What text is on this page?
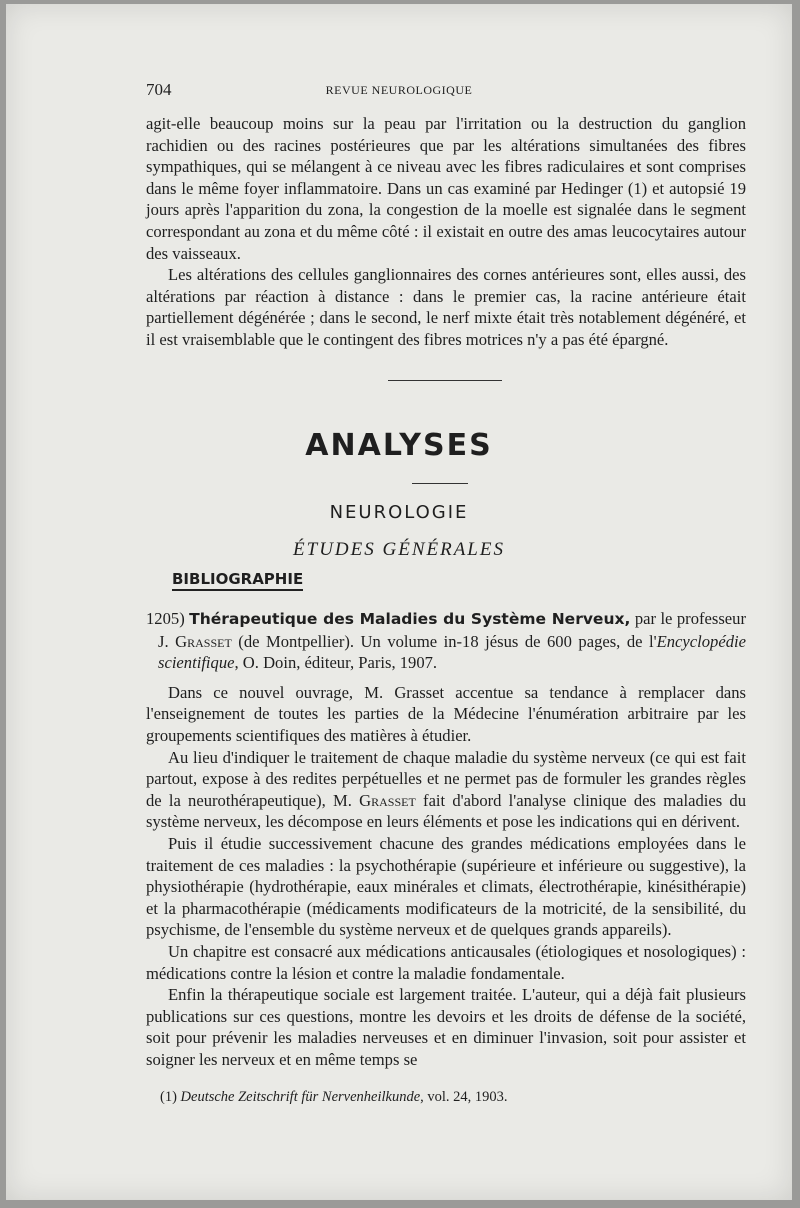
704	REVUE NEUROLOGIQUE

agit-elle beaucoup moins sur la peau par l'irritation ou la destruction du ganglion rachidien ou des racines postérieures que par les altérations simultanées des fibres sympathiques, qui se mélangent à ce niveau avec les fibres radiculaires et sont comprises dans le même foyer inflammatoire. Dans un cas examiné par Hedinger (1) et autopsié 19 jours après l'apparition du zona, la congestion de la moelle est signalée dans le segment correspondant au zona et du même côté : il existait en outre des amas leucocytaires autour des vaisseaux.

Les altérations des cellules ganglionnaires des cornes antérieures sont, elles aussi, des altérations par réaction à distance : dans le premier cas, la racine antérieure était partiellement dégénérée ; dans le second, le nerf mixte était très notablement dégénéré, et il est vraisemblable que le contingent des fibres motrices n'y a pas été épargné.

ANALYSES
NEUROLOGIE
ÉTUDES GÉNÉRALES
BIBLIOGRAPHIE

1205) Thérapeutique des Maladies du Système Nerveux, par le professeur J. Grasset (de Montpellier). Un volume in-18 jésus de 600 pages, de l'Encyclopédie scientifique, O. Doin, éditeur, Paris, 1907.

Dans ce nouvel ouvrage, M. Grasset accentue sa tendance à remplacer dans l'enseignement de toutes les parties de la Médecine l'énumération arbitraire par les groupements scientifiques des matières à étudier.

Au lieu d'indiquer le traitement de chaque maladie du système nerveux (ce qui est fait partout, expose à des redites perpétuelles et ne permet pas de formuler les grandes règles de la neurothérapeutique), M. Grasset fait d'abord l'analyse clinique des maladies du système nerveux, les décompose en leurs éléments et pose les indications qui en dérivent.

Puis il étudie successivement chacune des grandes médications employées dans le traitement de ces maladies : la psychothérapie (supérieure et inférieure ou suggestive), la physiothérapie (hydrothérapie, eaux minérales et climats, électrothérapie, kinésithérapie) et la pharmacothérapie (médicaments modificateurs de la motricité, de la sensibilité, du psychisme, de l'ensemble du système nerveux et de quelques grands appareils).

Un chapitre est consacré aux médications anticausales (étiologiques et nosologiques) : médications contre la lésion et contre la maladie fondamentale.

Enfin la thérapeutique sociale est largement traitée. L'auteur, qui a déjà fait plusieurs publications sur ces questions, montre les devoirs et les droits de défense de la société, soit pour prévenir les maladies nerveuses et en diminuer l'invasion, soit pour assister et soigner les nerveux et en même temps se

(1) Deutsche Zeitschrift für Nervenheilkunde, vol. 24, 1903.
